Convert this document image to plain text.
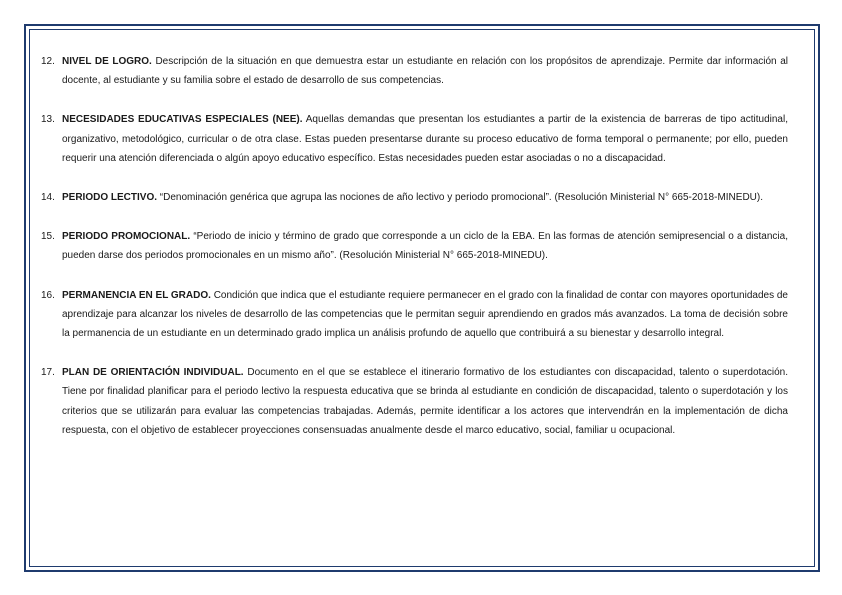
12. NIVEL DE LOGRO. Descripción de la situación en que demuestra estar un estudiante en relación con los propósitos de aprendizaje. Permite dar información al docente, al estudiante y su familia sobre el estado de desarrollo de sus competencias.

13. NECESIDADES EDUCATIVAS ESPECIALES (NEE). Aquellas demandas que presentan los estudiantes a partir de la existencia de barreras de tipo actitudinal, organizativo, metodológico, curricular o de otra clase. Estas pueden presentarse durante su proceso educativo de forma temporal o permanente; por ello, pueden requerir una atención diferenciada o algún apoyo educativo específico. Estas necesidades pueden estar asociadas o no a discapacidad.

14. PERIODO LECTIVO. “Denominación genérica que agrupa las nociones de año lectivo y periodo promocional”. (Resolución Ministerial N° 665-2018-MINEDU).

15. PERIODO PROMOCIONAL. “Periodo de inicio y término de grado que corresponde a un ciclo de la EBA. En las formas de atención semipresencial o a distancia, pueden darse dos periodos promocionales en un mismo año”. (Resolución Ministerial N° 665-2018-MINEDU).

16. PERMANENCIA EN EL GRADO. Condición que indica que el estudiante requiere permanecer en el grado con la finalidad de contar con mayores oportunidades de aprendizaje para alcanzar los niveles de desarrollo de las competencias que le permitan seguir aprendiendo en grados más avanzados. La toma de decisión sobre la permanencia de un estudiante en un determinado grado implica un análisis profundo de aquello que contribuirá a su bienestar y desarrollo integral.

17. PLAN DE ORIENTACIÓN INDIVIDUAL. Documento en el que se establece el itinerario formativo de los estudiantes con discapacidad, talento o superdotación. Tiene por finalidad planificar para el periodo lectivo la respuesta educativa que se brinda al estudiante en condición de discapacidad, talento o superdotación y los criterios que se utilizarán para evaluar las competencias trabajadas. Además, permite identificar a los actores que intervendrán en la implementación de dicha respuesta, con el objetivo de establecer proyecciones consensuadas anualmente desde el marco educativo, social, familiar u ocupacional.
